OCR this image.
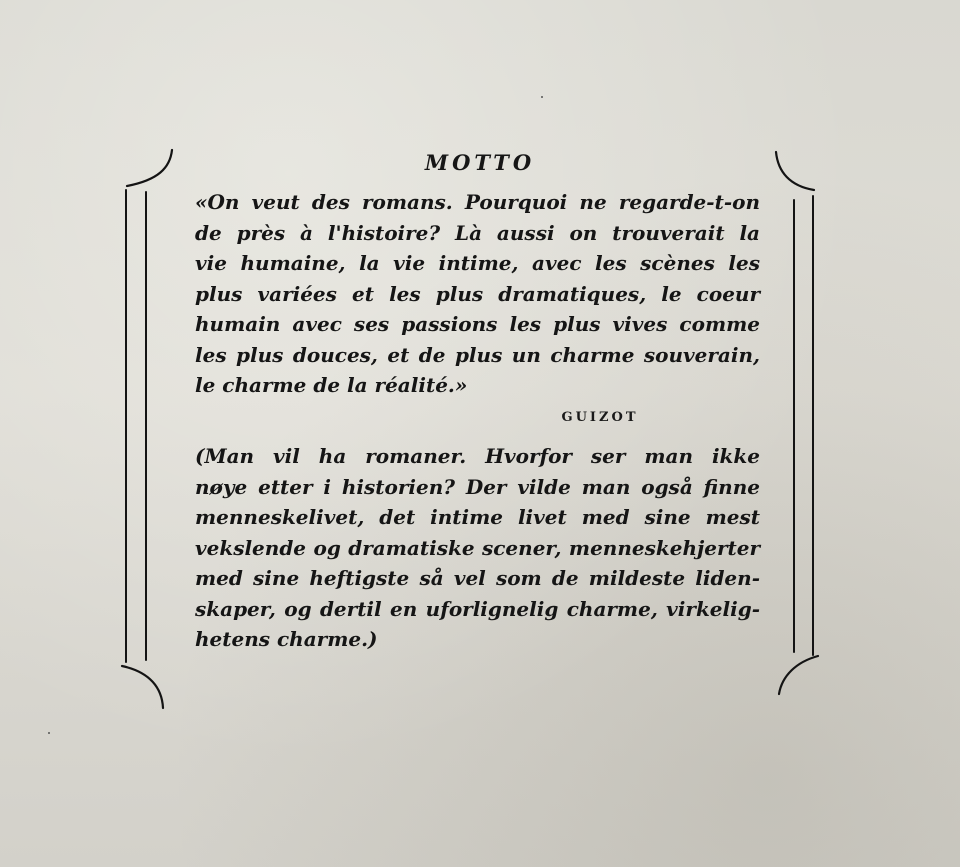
MOTTO

«On veut des romans. Pourquoi ne regarde-t-on
de près à l'histoire? Là aussi on trouverait la
vie humaine, la vie intime, avec les scènes les
plus variées et les plus dramatiques, le coeur
humain avec ses passions les plus vives comme
les plus douces, et de plus un charme souverain,
le charme de la réalité.»

GUIZOT

(Man vil ha romaner. Hvorfor ser man ikke
nøye etter i historien? Der vilde man også finne
menneskelivet, det intime livet med sine mest
vekslende og dramatiske scener, menneskehjerter
med sine heftigste så vel som de mildeste liden-
skaper, og dertil en uforlignelig charme, virkelig-
hetens charme.)
